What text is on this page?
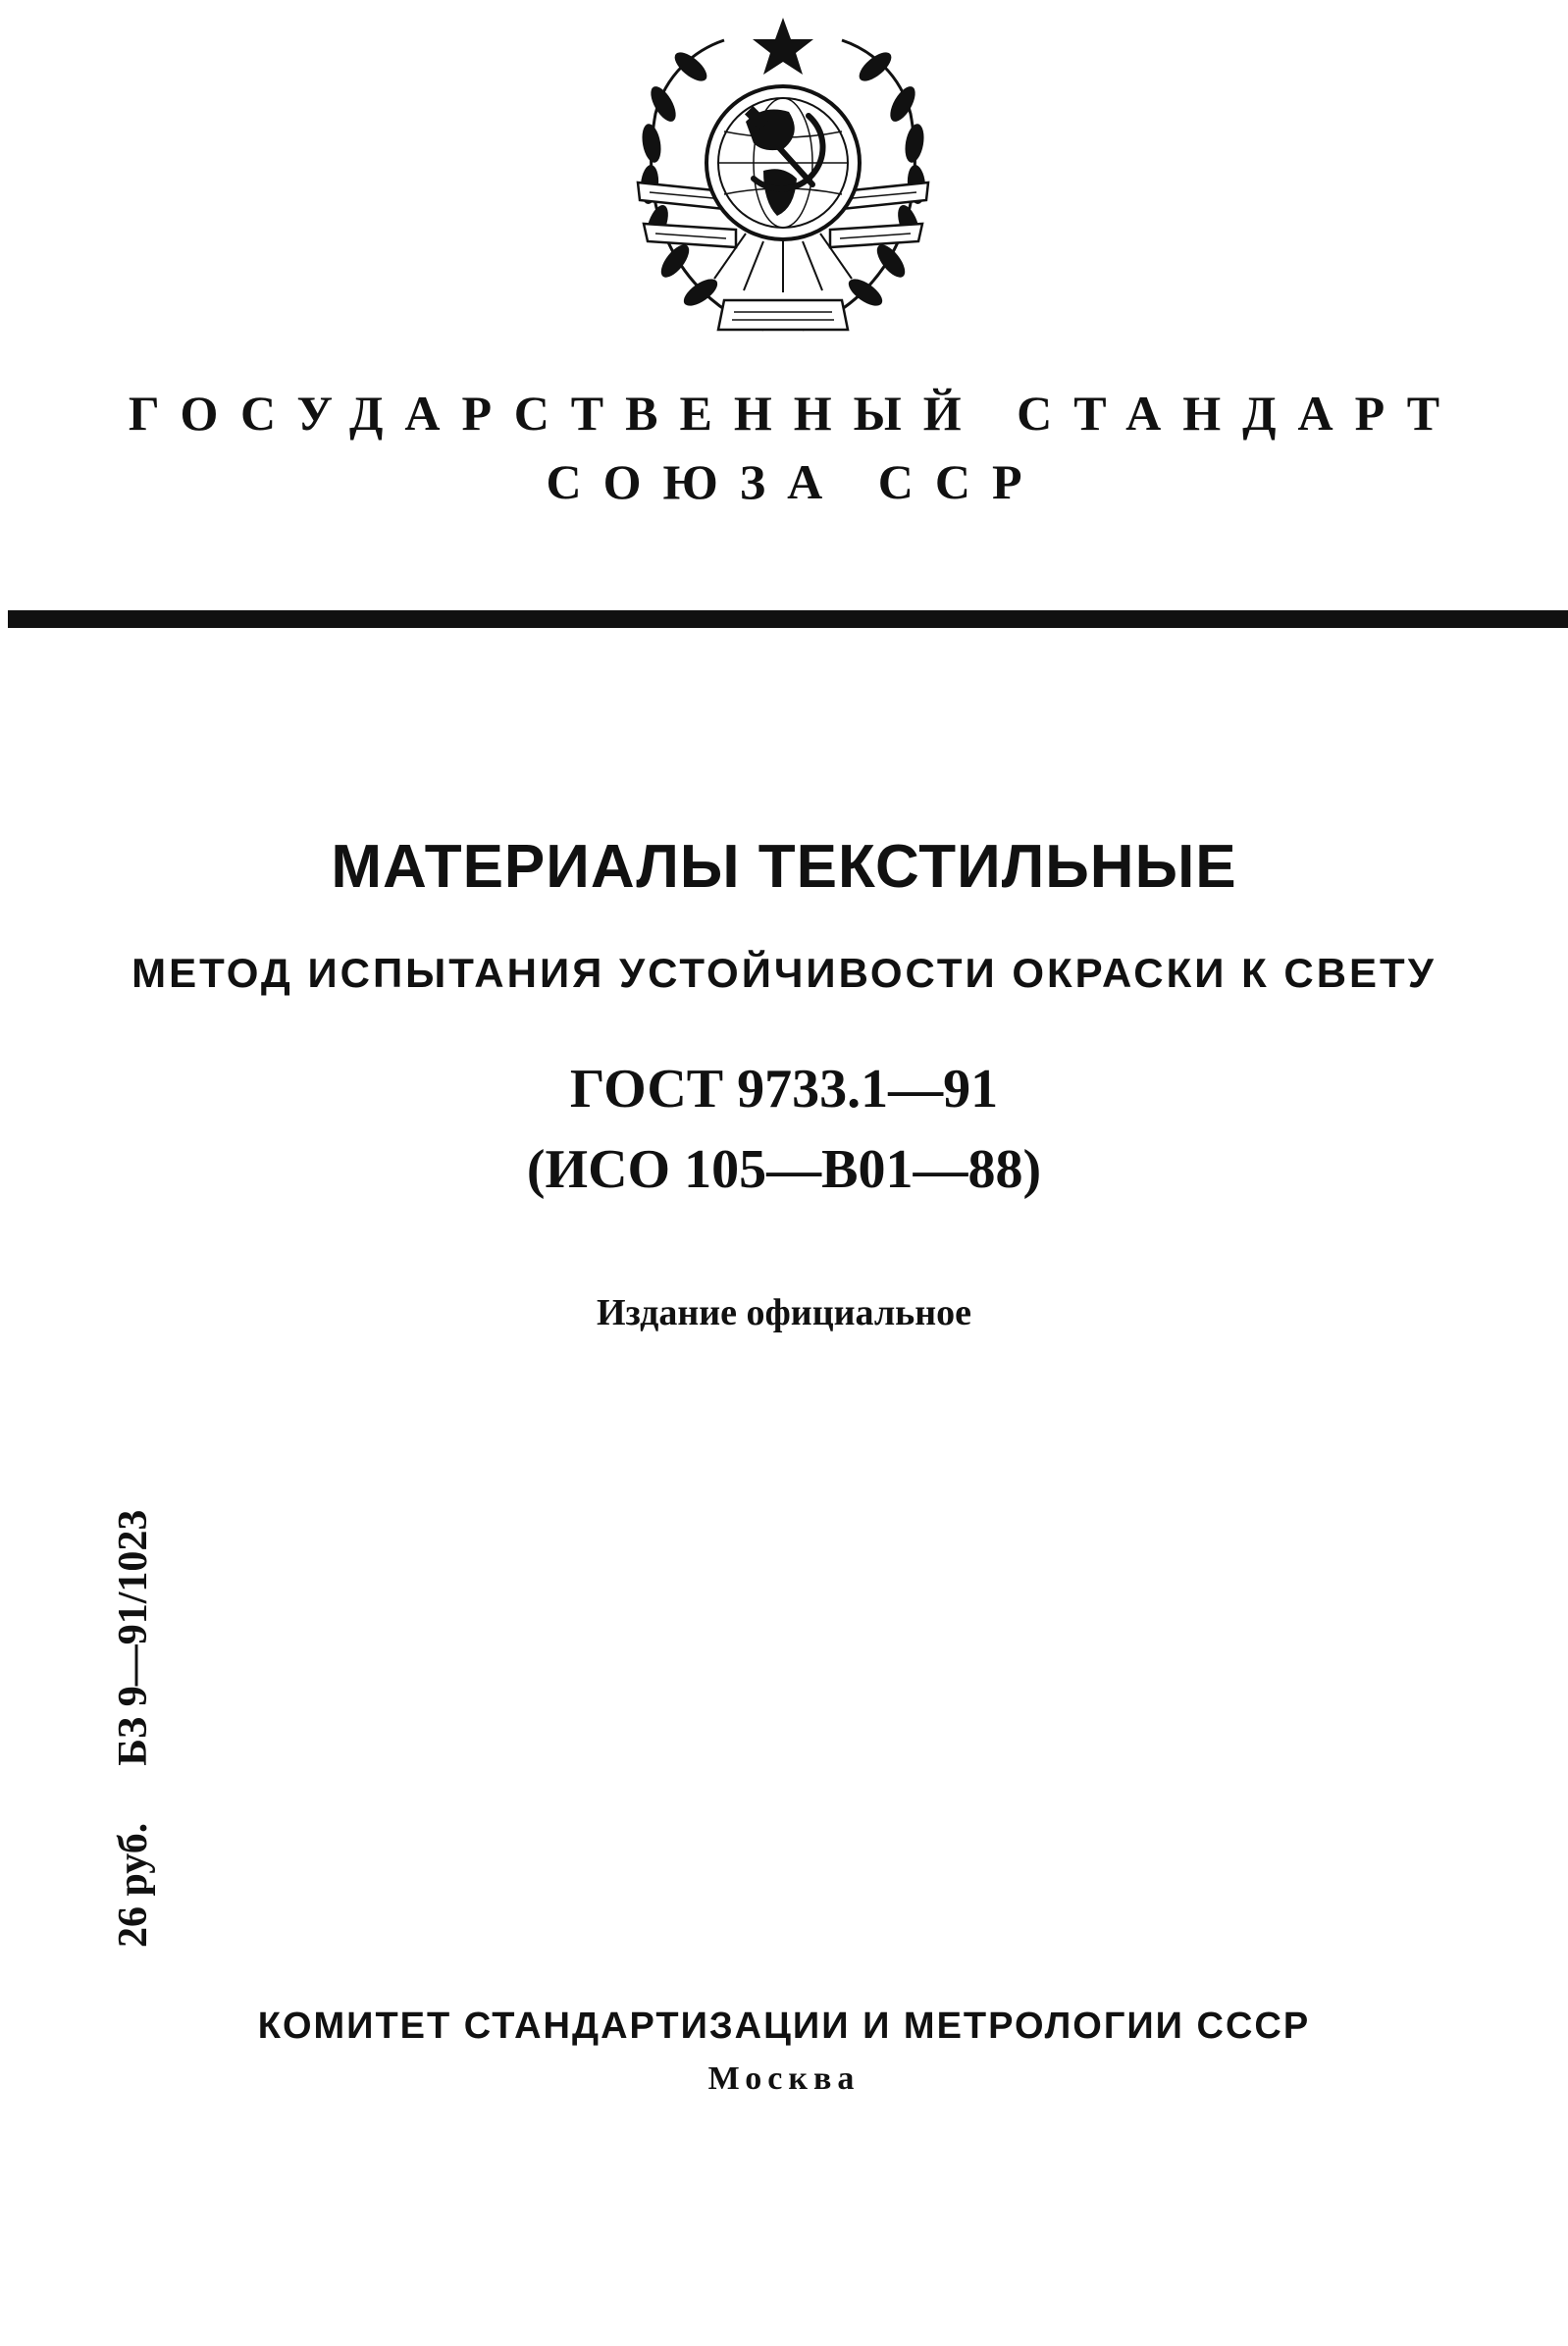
ГОСУДАРСТВЕННЫЙ СТАНДАРТ
СОЮЗА ССР
МАТЕРИАЛЫ ТЕКСТИЛЬНЫЕ
МЕТОД ИСПЫТАНИЯ УСТОЙЧИВОСТИ ОКРАСКИ К СВЕТУ
ГОСТ 9733.1—91
(ИСО 105—В01—88)
Издание официальное
26 руб.БЗ 9—91/1023
КОМИТЕТ СТАНДАРТИЗАЦИИ И МЕТРОЛОГИИ СССР
Москва
